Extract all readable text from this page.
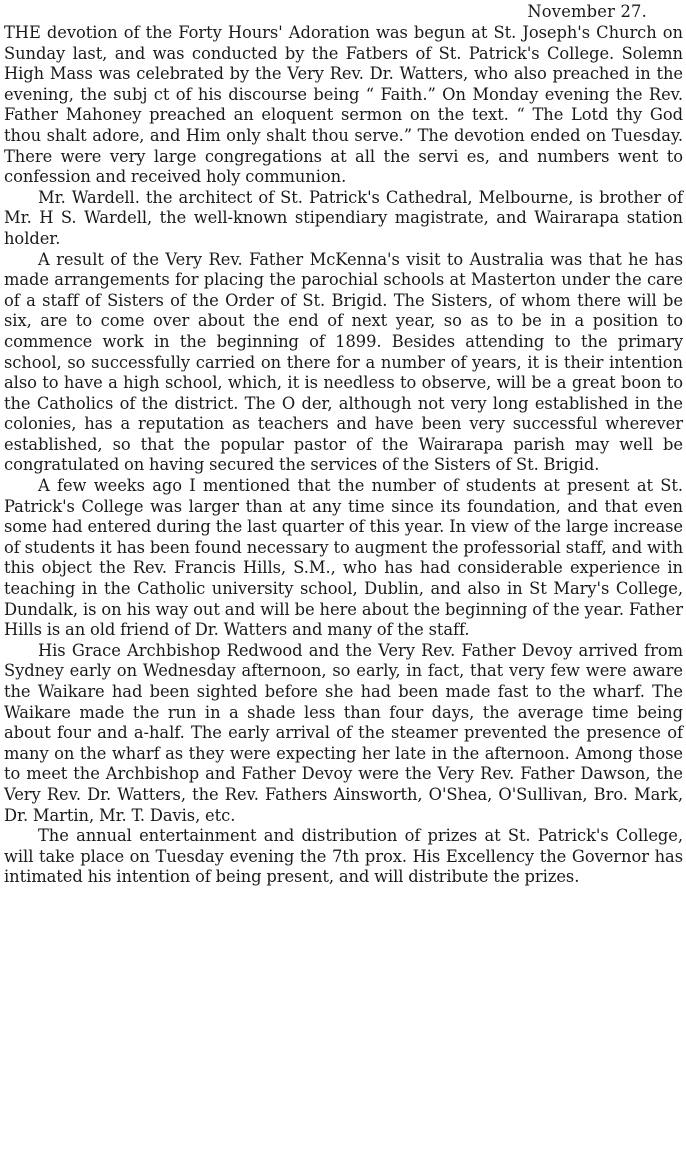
November 27.

THE devotion of the Forty Hours' Adoration was begun at St. Joseph's Church on Sunday last, and was conducted by the Fatbers of St. Patrick's College. Solemn High Mass was celebrated by the Very Rev. Dr. Watters, who also preached in the evening, the subj ct of his discourse being “ Faith.” On Monday evening the Rev. Father Mahoney preached an eloquent sermon on the text. “ The Lotd thy God thou shalt adore, and Him only shalt thou serve.” The devotion ended on Tuesday. There were very large congregations at all the servi es, and numbers went to confession and received holy communion.

Mr. Wardell. the architect of St. Patrick's Cathedral, Melbourne, is brother of Mr. H S. Wardell, the well-known stipendiary magistrate, and Wairarapa station holder.

A result of the Very Rev. Father McKenna's visit to Australia was that he has made arrangements for placing the parochial schools at Masterton under the care of a staff of Sisters of the Order of St. Brigid. The Sisters, of whom there will be six, are to come over about the end of next year, so as to be in a position to commence work in the beginning of 1899. Besides attending to the primary school, so successfully carried on there for a number of years, it is their intention also to have a high school, which, it is needless to observe, will be a great boon to the Catholics of the district. The O der, although not very long established in the colonies, has a reputation as teachers and have been very successful wherever established, so that the popular pastor of the Wairarapa parish may well be congratulated on having secured the services of the Sisters of St. Brigid.

A few weeks ago I mentioned that the number of students at present at St. Patrick's College was larger than at any time since its foundation, and that even some had entered during the last quarter of this year. In view of the large increase of students it has been found necessary to augment the professorial staff, and with this object the Rev. Francis Hills, S.M., who has had considerable experience in teaching in the Catholic university school, Dublin, and also in St Mary's College, Dundalk, is on his way out and will be here about the beginning of the year. Father Hills is an old friend of Dr. Watters and many of the staff.

His Grace Archbishop Redwood and the Very Rev. Father Devoy arrived from Sydney early on Wednesday afternoon, so early, in fact, that very few were aware the Waikare had been sighted before she had been made fast to the wharf. The Waikare made the run in a shade less than four days, the average time being about four and a-half. The early arrival of the steamer prevented the presence of many on the wharf as they were expecting her late in the afternoon. Among those to meet the Archbishop and Father Devoy were the Very Rev. Father Dawson, the Very Rev. Dr. Watters, the Rev. Fathers Ainsworth, O'Shea, O'Sullivan, Bro. Mark, Dr. Martin, Mr. T. Davis, etc.

The annual entertainment and distribution of prizes at St. Patrick's College, will take place on Tuesday evening the 7th prox. His Excellency the Governor has intimated his intention of being present, and will distribute the prizes.
